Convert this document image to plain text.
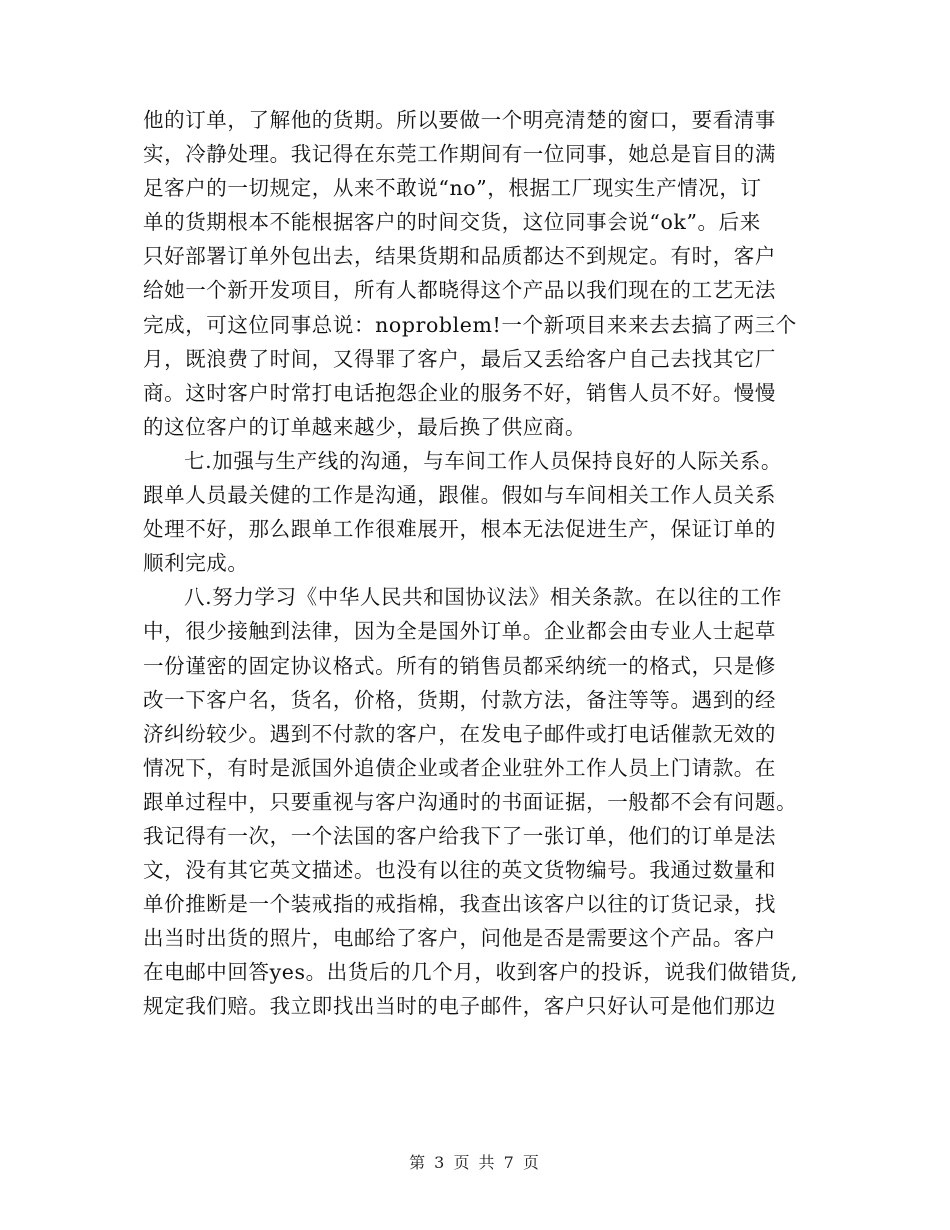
他的订单，了解他的货期。所以要做一个明亮清楚的窗口，要看清事
实，冷静处理。我记得在东莞工作期间有一位同事，她总是盲目的满
足客户的一切规定，从来不敢说“no”，根据工厂现实生产情况，订
单的货期根本不能根据客户的时间交货，这位同事会说“ok”。后来
只好部署订单外包出去，结果货期和品质都达不到规定。有时，客户
给她一个新开发项目，所有人都晓得这个产品以我们现在的工艺无法
完成，可这位同事总说：noproblem!一个新项目来来去去搞了两三个
月，既浪费了时间，又得罪了客户，最后又丢给客户自己去找其它厂
商。这时客户时常打电话抱怨企业的服务不好，销售人员不好。慢慢
的这位客户的订单越来越少，最后换了供应商。
七.加强与生产线的沟通，与车间工作人员保持良好的人际关系。
跟单人员最关健的工作是沟通，跟催。假如与车间相关工作人员关系
处理不好，那么跟单工作很难展开，根本无法促进生产，保证订单的
顺利完成。
八.努力学习《中华人民共和国协议法》相关条款。在以往的工作
中，很少接触到法律，因为全是国外订单。企业都会由专业人士起草
一份谨密的固定协议格式。所有的销售员都采纳统一的格式，只是修
改一下客户名，货名，价格，货期，付款方法，备注等等。遇到的经
济纠纷较少。遇到不付款的客户，在发电子邮件或打电话催款无效的
情况下，有时是派国外追债企业或者企业驻外工作人员上门请款。在
跟单过程中，只要重视与客户沟通时的书面证据，一般都不会有问题。
我记得有一次，一个法国的客户给我下了一张订单，他们的订单是法
文，没有其它英文描述。也没有以往的英文货物编号。我通过数量和
单价推断是一个装戒指的戒指棉，我查出该客户以往的订货记录，找
出当时出货的照片，电邮给了客户，问他是否是需要这个产品。客户
在电邮中回答yes。出货后的几个月，收到客户的投诉，说我们做错货,
规定我们赔。我立即找出当时的电子邮件，客户只好认可是他们那边
第 3 页 共 7 页
